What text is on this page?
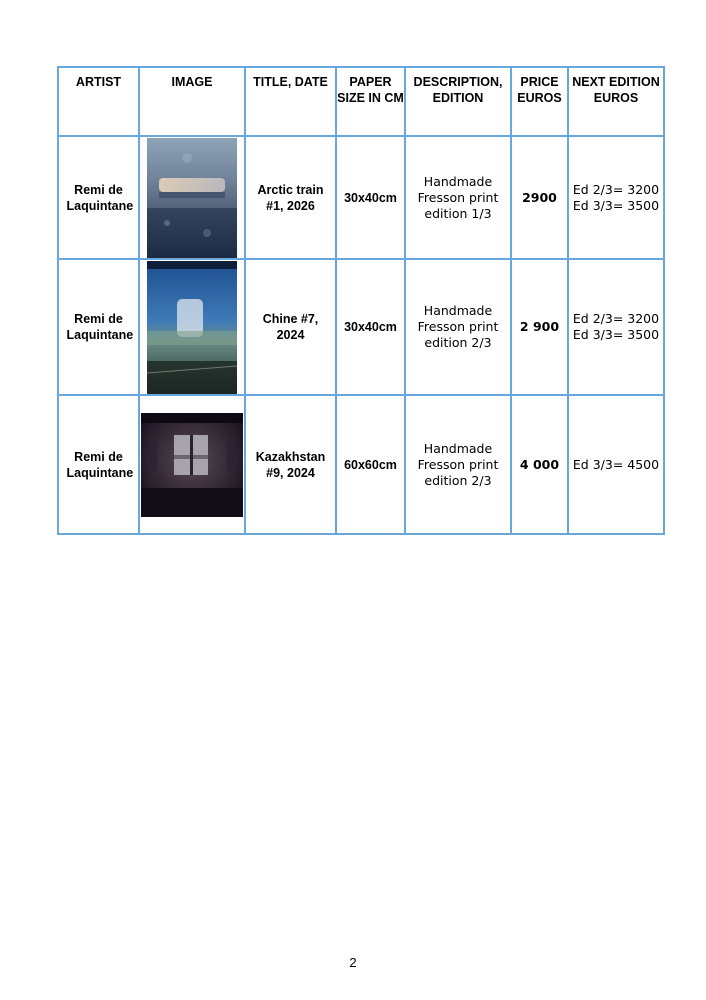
ARTIST	IMAGE	TITLE, DATE	PAPER SIZE IN CM	DESCRIPTION, EDITION	PRICE EUROS	NEXT EDITION EUROS
Remi de Laquintane		Arctic train #1, 2026	30x40cm	Handmade Fresson print edition 1/3	2900	Ed 2/3= 3200
Ed 3/3= 3500

Remi de Laquintane		Chine #7, 2024	30x40cm	Handmade Fresson print edition 2/3	2 900	Ed 2/3= 3200
Ed 3/3= 3500

Remi de Laquintane		Kazakhstan #9, 2024	60x60cm	Handmade Fresson print edition 2/3	4 000	Ed 3/3= 4500
2
